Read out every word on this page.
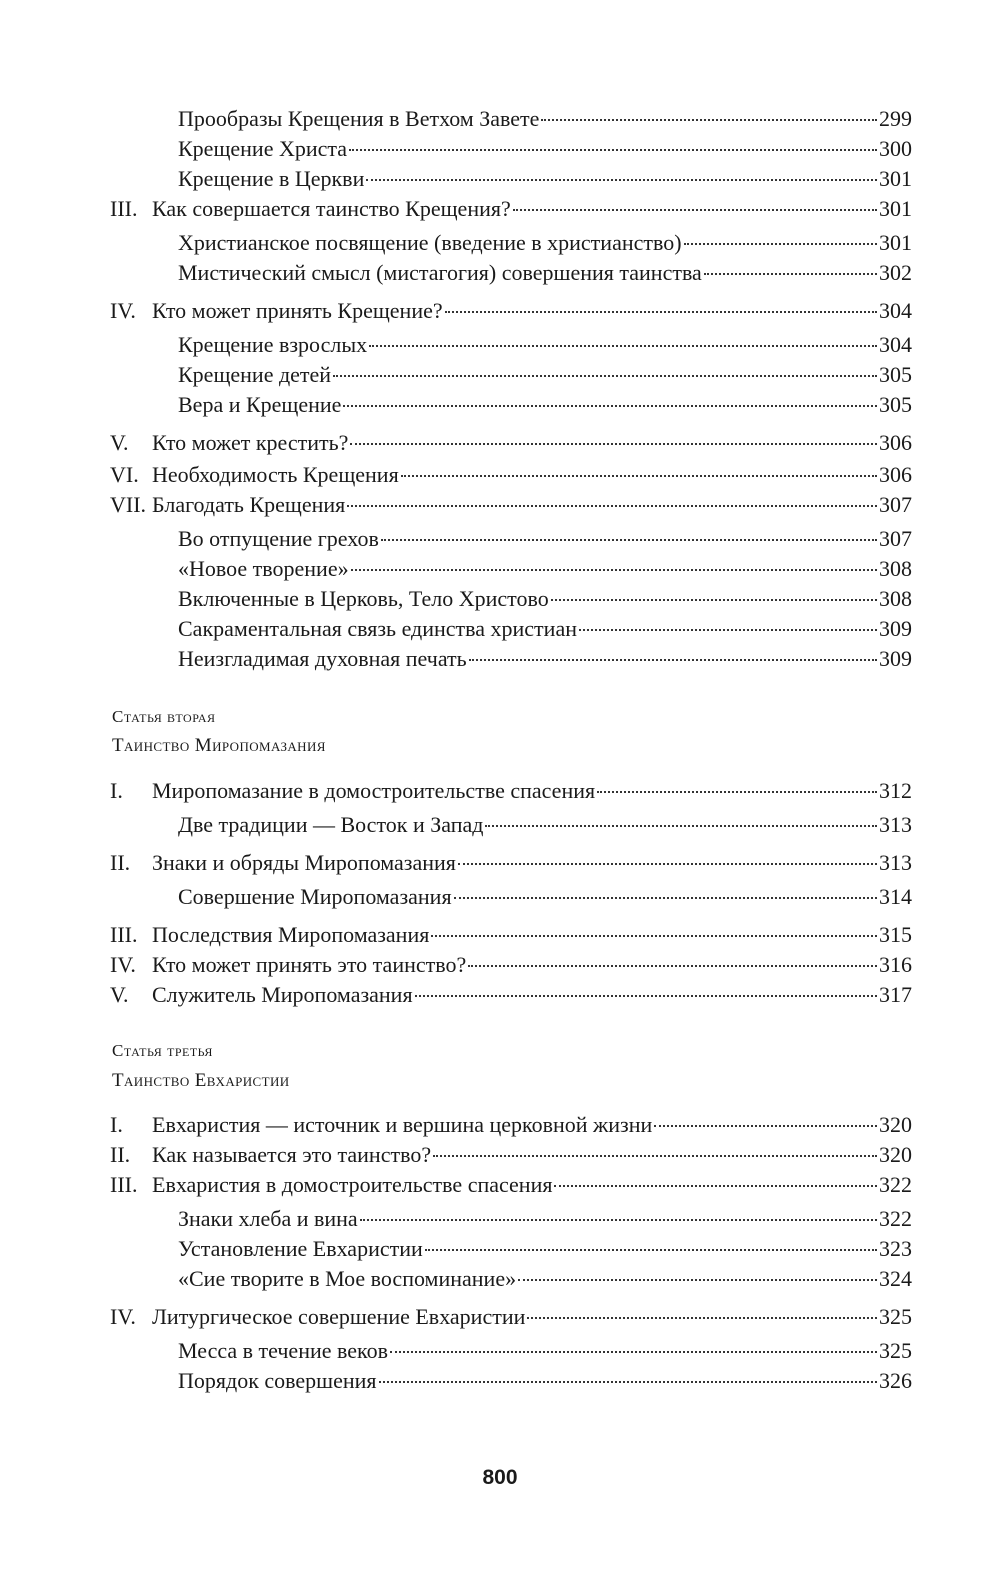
Прообразы Крещения в Ветхом Завете	299
Крещение Христа	300
Крещение в Церкви	301
III. Как совершается таинство Крещения?	301
Христианское посвящение (введение в христианство)	301
Мистический смысл (мистагогия) совершения таинства	302
IV. Кто может принять Крещение?	304
Крещение взрослых	304
Крещение детей	305
Вера и Крещение	305
V.	Кто может крестить?	306
VI. Необходимость Крещения	306
VII. Благодать Крещения	307
Во отпущение грехов	307
«Новое творение»	308
Включенные в Церковь, Тело Христово	308
Сакраментальная связь единства христиан	309
Неизгладимая духовная печать	309
Статья вторая
Таинство Миропомазания
I.	Миропомазание в домостроительстве спасения	312
Две традиции — Восток и Запад	313
II. Знаки и обряды Миропомазания	313
Совершение Миропомазания	314
III. Последствия Миропомазания	315
IV. Кто может принять это таинство?	316
V.	Служитель Миропомазания	317
Статья третья
Таинство Евхаристии
I.	Евхаристия — источник и вершина церковной жизни	320
II. Как называется это таинство?	320
III. Евхаристия в домостроительстве спасения	322
Знаки хлеба и вина	322
Установление Евхаристии	323
«Сие творите в Мое воспоминание»	324
IV. Литургическое совершение Евхаристии	325
Месса в течение веков	325
Порядок совершения	326
800
